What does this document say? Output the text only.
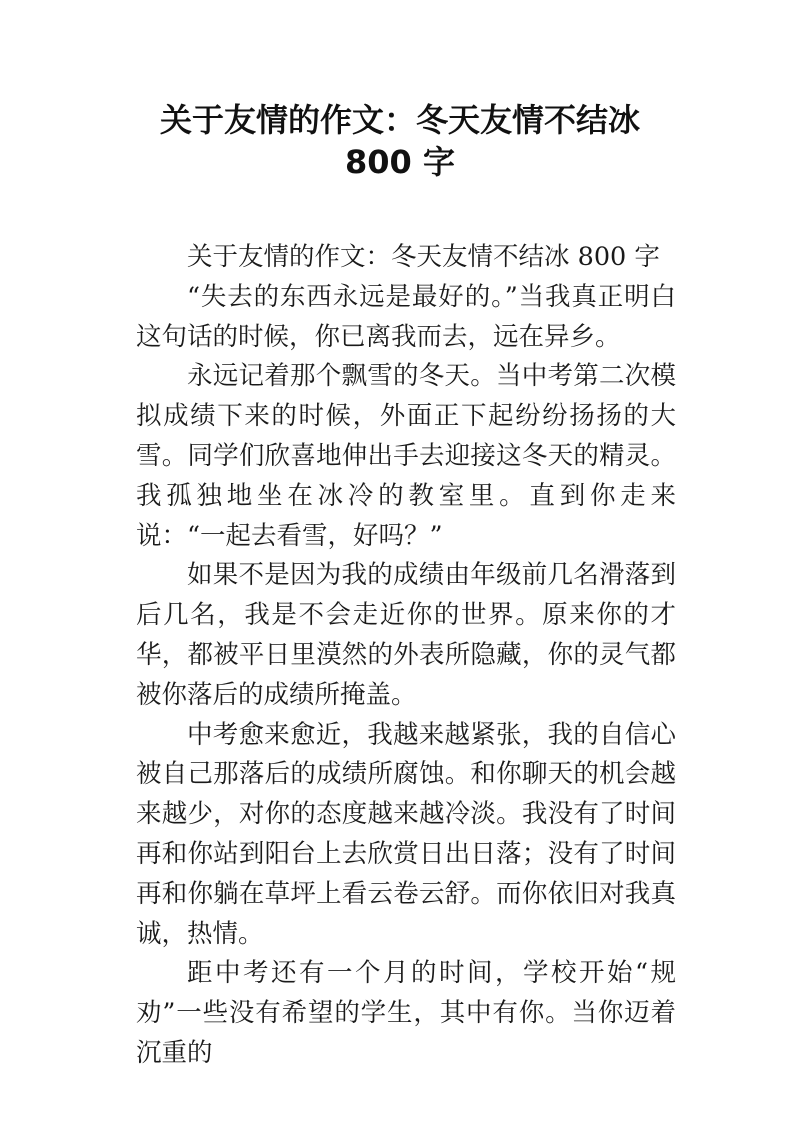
关于友情的作文：冬天友情不结冰
800 字

关于友情的作文：冬天友情不结冰 800 字

“失去的东西永远是最好的。”当我真正明白这句话的时候，你已离我而去，远在异乡。

永远记着那个飘雪的冬天。当中考第二次模拟成绩下来的时候，外面正下起纷纷扬扬的大雪。同学们欣喜地伸出手去迎接这冬天的精灵。我孤独地坐在冰冷的教室里。直到你走来说：“一起去看雪，好吗？”

如果不是因为我的成绩由年级前几名滑落到后几名，我是不会走近你的世界。原来你的才华，都被平日里漠然的外表所隐藏，你的灵气都被你落后的成绩所掩盖。

中考愈来愈近，我越来越紧张，我的自信心被自己那落后的成绩所腐蚀。和你聊天的机会越来越少，对你的态度越来越冷淡。我没有了时间再和你站到阳台上去欣赏日出日落；没有了时间再和你躺在草坪上看云卷云舒。而你依旧对我真诚，热情。

距中考还有一个月的时间，学校开始“规劝”一些没有希望的学生，其中有你。当你迈着沉重的
